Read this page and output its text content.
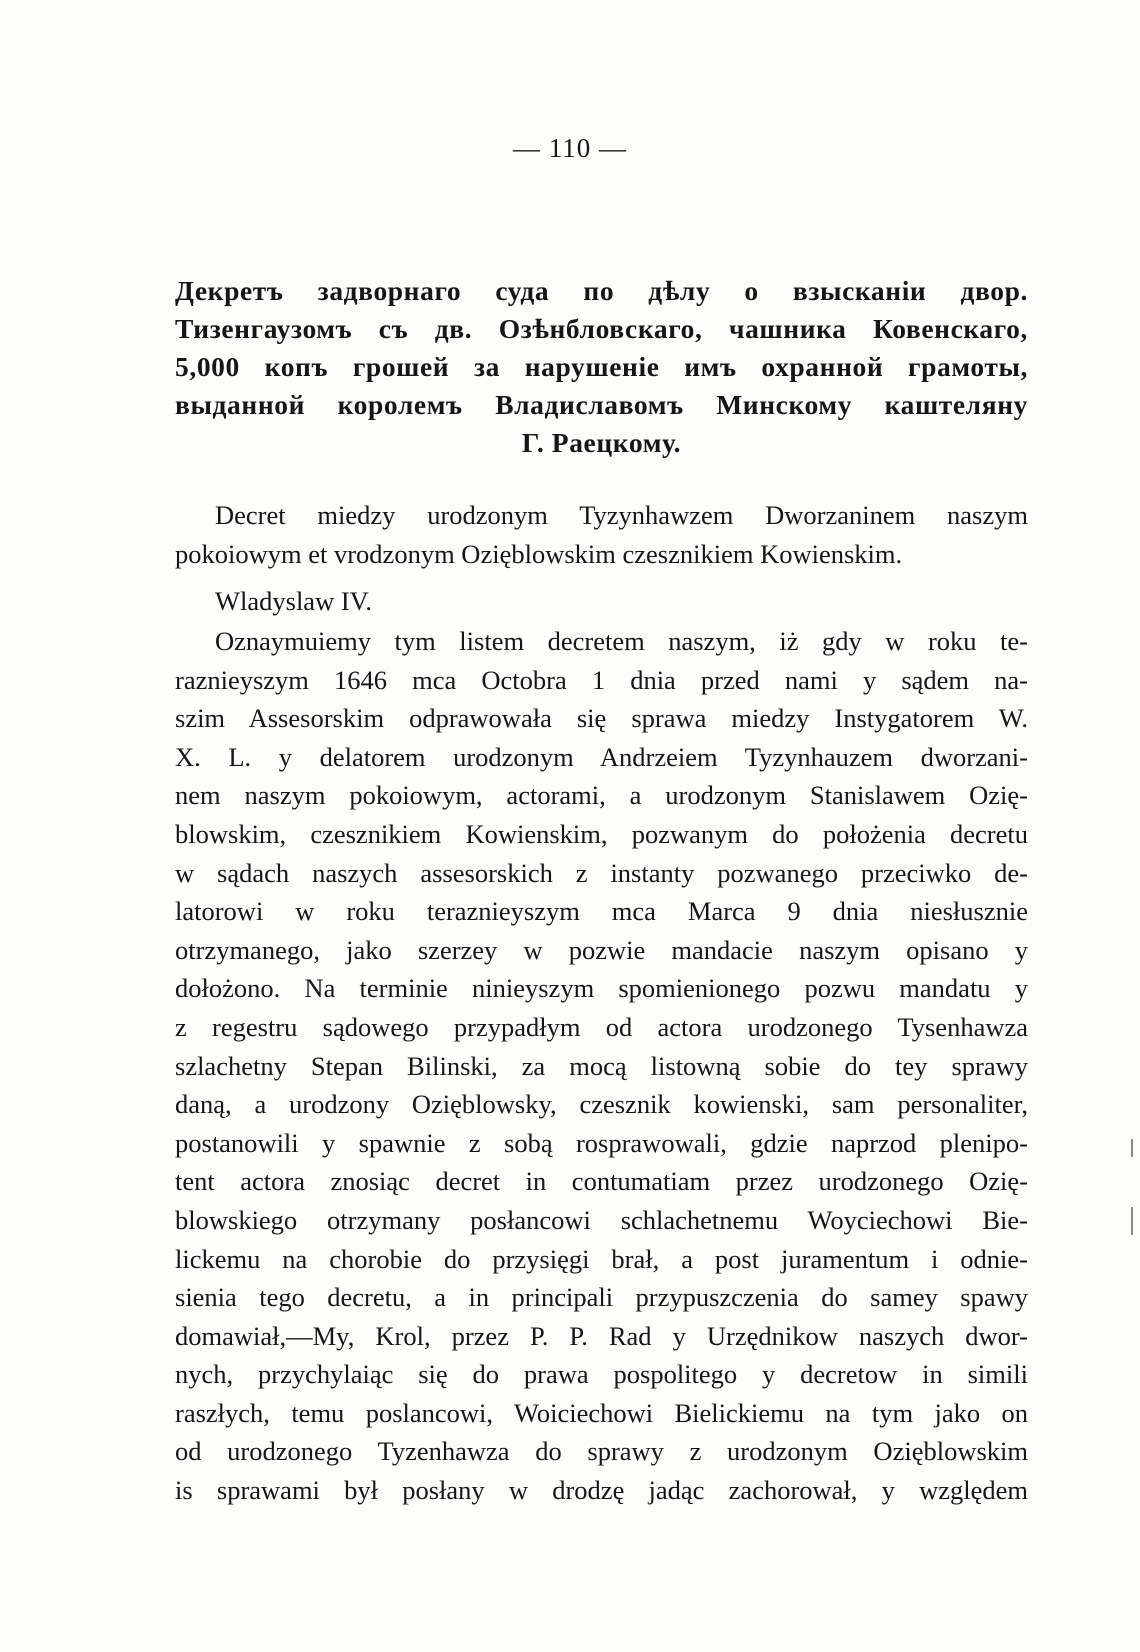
— 110 —
Декретъ задворнаго суда по дѣлу о взысканіи двор.
Тизенгаузомъ съ дв. Озѣнбловскаго, чашника Ковенскаго,
5,000 копъ грошей за нарушеніе имъ охранной грамоты,
выданной королемъ Владиславомъ Минскому каштеляну
Г. Раецкому.
Decret miedzy urodzonym Tyzynhawzem Dworzaninem naszym
pokoiowym et vrodzonym Ozięblowskim czesznikiem Kowienskim.
Wladyslaw IV.
Oznaymuiemy tym listem decretem naszym, iż gdy w roku te-
raznieyszym 1646 mca Octobra 1 dnia przed nami y sądem na-
szim Assesorskim odprawowała się sprawa miedzy Instygatorem W.
X. L. y delatorem urodzonym Andrzeiem Tyzynhauzem dworzani-
nem naszym pokoiowym, actorami, a urodzonym Stanislawem Ozię-
blowskim, czesznikiem Kowienskim, pozwanym do położenia decretu
w sądach naszych assesorskich z instanty pozwanego przeciwko de-
latorowi w roku teraznieyszym mca Marca 9 dnia niesłusznie
otrzymanego, jako szerzey w pozwie mandacie naszym opisano y
dołożono. Na terminie ninieyszym spomienionego pozwu mandatu y
z regestru sądowego przypadłym od actora urodzonego Tysenhawza
szlachetny Stepan Bilinski, za mocą listowną sobie do tey sprawy
daną, a urodzony Ozięblowsky, czesznik kowienski, sam personaliter,
postanowili y spawnie z sobą rosprawowali, gdzie naprzod plenipo-
tent actora znosiąc decret in contumatiam przez urodzonego Ozię-
blowskiego otrzymany posłancowi schlachetnemu Woyciechowi Bie-
lickemu na chorobie do przysięgi brał, a post juramentum i odnie-
sienia tego decretu, a in principali przypuszczenia do samey spawy
domawiał,—My, Krol, przez P. P. Rad y Urzędnikow naszych dwor-
nych, przychylaiąc się do prawa pospolitego y decretow in simili
raszłych, temu poslancowi, Woiciechowi Bielickiemu na tym jako on
od urodzonego Tyzenhawza do sprawy z urodzonym Ozięblowskim
is sprawami był posłany w drodzę jadąc zachorował, y względem
